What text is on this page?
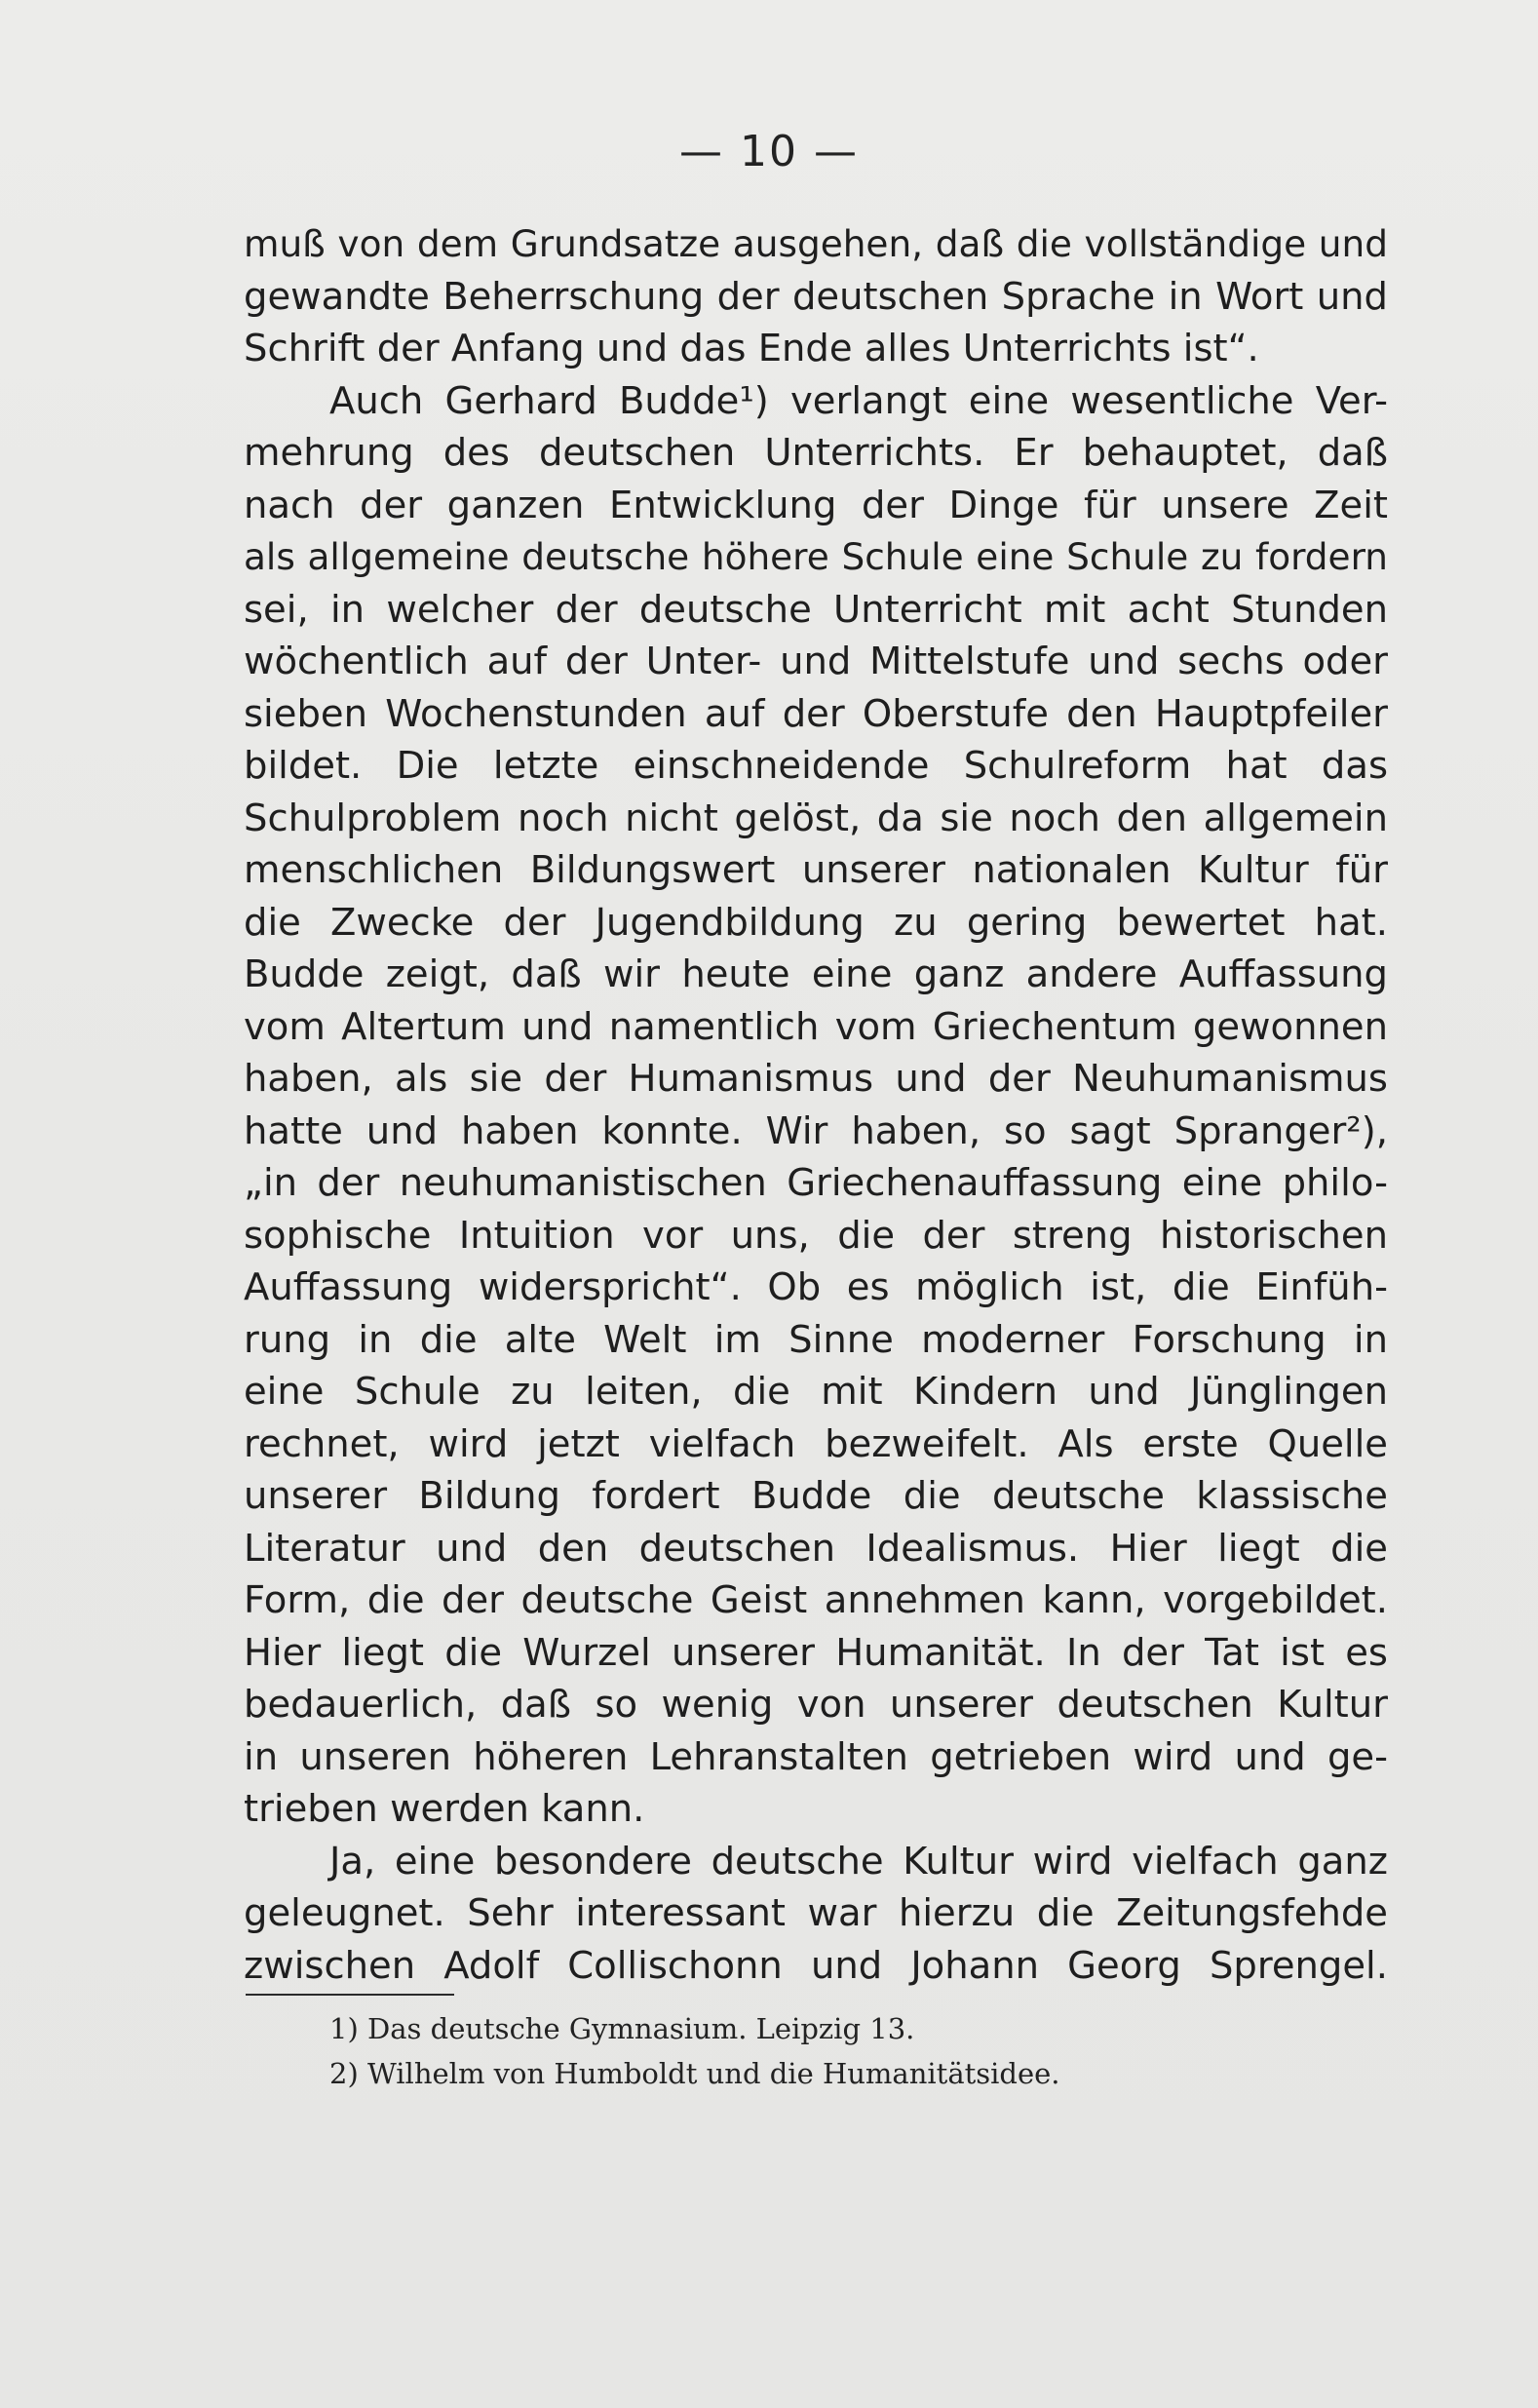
— 10 —
muß von dem Grundsatze ausgehen, daß die vollständige und
gewandte Beherrschung der deutschen Sprache in Wort und
Schrift der Anfang und das Ende alles Unterrichts ist“.
Auch Gerhard Budde¹) verlangt eine wesentliche Ver-
mehrung des deutschen Unterrichts. Er behauptet, daß
nach der ganzen Entwicklung der Dinge für unsere Zeit
als allgemeine deutsche höhere Schule eine Schule zu fordern
sei, in welcher der deutsche Unterricht mit acht Stunden
wöchentlich auf der Unter- und Mittelstufe und sechs oder
sieben Wochenstunden auf der Oberstufe den Hauptpfeiler
bildet. Die letzte einschneidende Schulreform hat das
Schulproblem noch nicht gelöst, da sie noch den allgemein
menschlichen Bildungswert unserer nationalen Kultur für
die Zwecke der Jugendbildung zu gering bewertet hat.
Budde zeigt, daß wir heute eine ganz andere Auffassung
vom Altertum und namentlich vom Griechentum gewonnen
haben, als sie der Humanismus und der Neuhumanismus
hatte und haben konnte. Wir haben, so sagt Spranger²),
„in der neuhumanistischen Griechenauffassung eine philo-
sophische Intuition vor uns, die der streng historischen
Auffassung widerspricht“. Ob es möglich ist, die Einfüh-
rung in die alte Welt im Sinne moderner Forschung in
eine Schule zu leiten, die mit Kindern und Jünglingen
rechnet, wird jetzt vielfach bezweifelt. Als erste Quelle
unserer Bildung fordert Budde die deutsche klassische
Literatur und den deutschen Idealismus. Hier liegt die
Form, die der deutsche Geist annehmen kann, vorgebildet.
Hier liegt die Wurzel unserer Humanität. In der Tat ist es
bedauerlich, daß so wenig von unserer deutschen Kultur
in unseren höheren Lehranstalten getrieben wird und ge-
trieben werden kann.
Ja, eine besondere deutsche Kultur wird vielfach ganz
geleugnet. Sehr interessant war hierzu die Zeitungsfehde
zwischen Adolf Collischonn und Johann Georg Sprengel.
1) Das deutsche Gymnasium. Leipzig 13.
2) Wilhelm von Humboldt und die Humanitätsidee.
